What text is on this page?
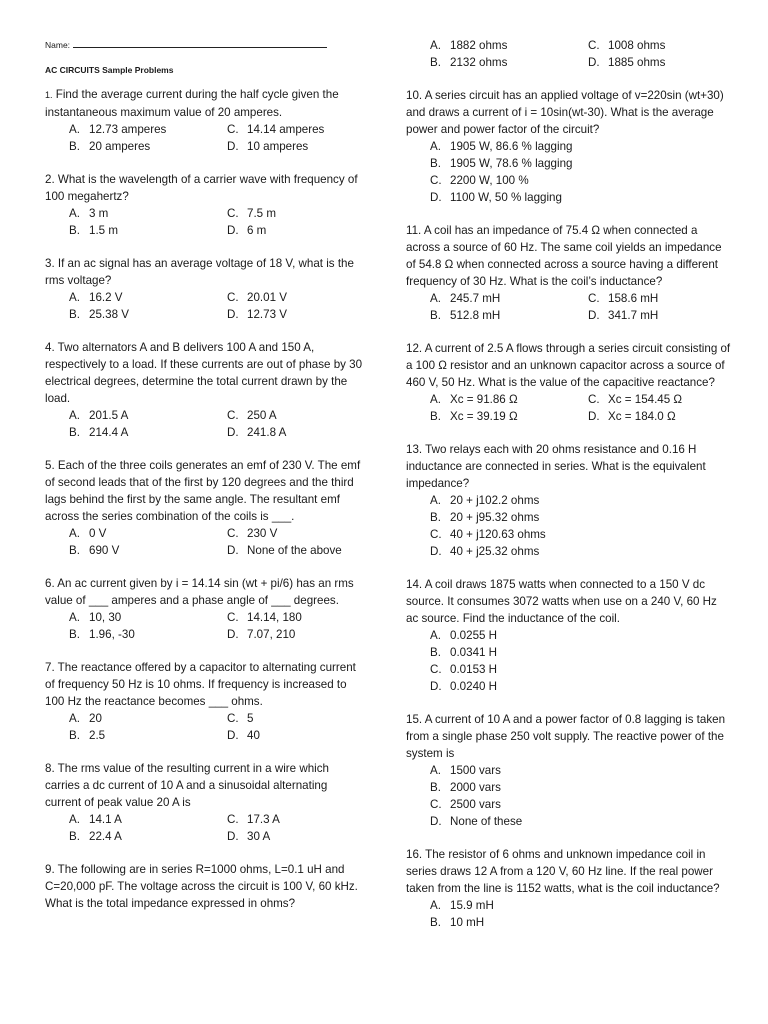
Name:
AC CIRCUITS Sample Problems

1. Find the average current during the half cycle given the instantaneous maximum value of 20 amperes.

A. 12.73 amperes	C. 14.14 amperes
B. 20 amperes	D. 10 amperes

2. What is the wavelength of a carrier wave with frequency of 100 megahertz?

A. 3 m	C. 7.5 m
B. 1.5 m	D. 6 m

3. If an ac signal has an average voltage of 18 V, what is the rms voltage?

A. 16.2 V	C. 20.01 V
B. 25.38 V	D. 12.73 V

4. Two alternators A and B delivers 100 A and 150 A, respectively to a load. If these currents are out of phase by 30 electrical degrees, determine the total current drawn by the load.

A. 201.5 A	C. 250 A
B. 214.4 A	D. 241.8 A

5. Each of the three coils generates an emf of 230 V. The emf of second leads that of the first by 120 degrees and the third lags behind the first by the same angle. The resultant emf across the series combination of the coils is ___.

A. 0 V	C. 230 V
B. 690 V	D. None of the above

6. An ac current given by i = 14.14 sin (wt + pi/6) has an rms value of ___ amperes and a phase angle of ___ degrees.

A. 10, 30	C. 14.14, 180
B. 1.96, -30	D. 7.07, 210

7. The reactance offered by a capacitor to alternating current of frequency 50 Hz is 10 ohms. If frequency is increased to 100 Hz the reactance becomes ___ ohms.

A. 20	C. 5
B. 2.5	D. 40

8. The rms value of the resulting current in a wire which carries a dc current of 10 A and a sinusoidal alternating current of peak value 20 A is

A. 14.1 A	C. 17.3 A
B. 22.4 A	D. 30 A

9. The following are in series R=1000 ohms, L=0.1 uH and C=20,000 pF. The voltage across the circuit is 100 V, 60 kHz. What is the total impedance expressed in ohms?

A. 1882 ohms	C. 1008 ohms
B. 2132 ohms	D. 1885 ohms

10. A series circuit has an applied voltage of v=220sin (wt+30) and draws a current of i = 10sin(wt-30). What is the average power and power factor of the circuit?

A. 1905 W, 86.6 % lagging
B. 1905 W, 78.6 % lagging
C. 2200 W, 100 %
D. 1100 W, 50 % lagging

11. A coil has an impedance of 75.4 Ω when connected a across a source of 60 Hz. The same coil yields an impedance of 54.8 Ω when connected across a source having a different frequency of 30 Hz. What is the coil’s inductance?

A. 245.7 mH	C. 158.6 mH
B. 512.8 mH	D. 341.7 mH

12. A current of 2.5 A flows through a series circuit consisting of a 100 Ω resistor and an unknown capacitor across a source of 460 V, 50 Hz. What is the value of the capacitive reactance?

A. Xc = 91.86 Ω	C. Xc = 154.45 Ω
B. Xc = 39.19 Ω	D. Xc = 184.0 Ω

13. Two relays each with 20 ohms resistance and 0.16 H inductance are connected in series. What is the equivalent impedance?

A. 20 + j102.2 ohms
B. 20 + j95.32 ohms
C. 40 + j120.63 ohms
D. 40 + j25.32 ohms

14. A coil draws 1875 watts when connected to a 150 V dc source. It consumes 3072 watts when use on a 240 V, 60 Hz ac source. Find the inductance of the coil.

A. 0.0255 H
B. 0.0341 H
C. 0.0153 H
D. 0.0240 H

15. A current of 10 A and a power factor of 0.8 lagging is taken from a single phase 250 volt supply. The reactive power of the system is

A. 1500 vars
B. 2000 vars
C. 2500 vars
D. None of these

16. The resistor of 6 ohms and unknown impedance coil in series draws 12 A from a 120 V, 60 Hz line. If the real power taken from the line is 1152 watts, what is the coil inductance?

A. 15.9 mH
B. 10 mH
